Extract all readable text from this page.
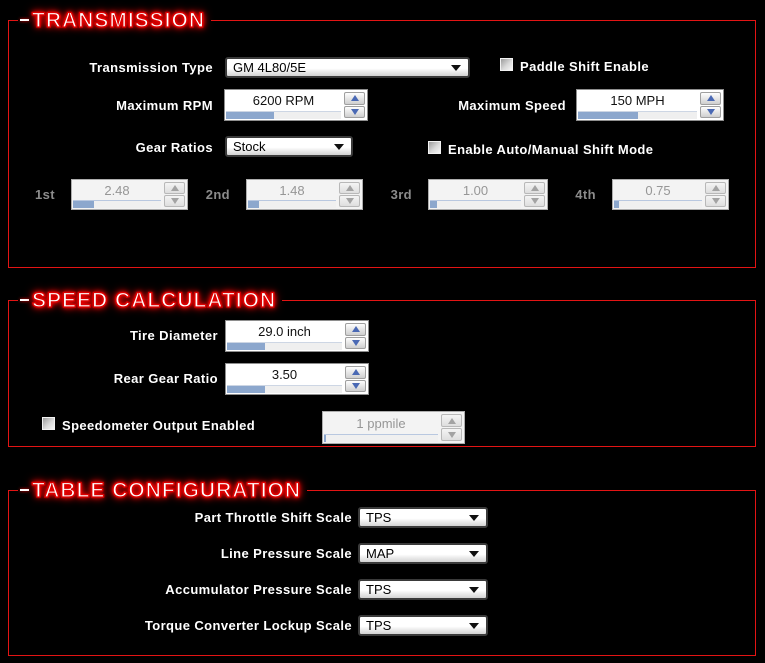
TRANSMISSION
Transmission Type GM 4L80/5E	Paddle Shift Enable
Maximum RPM	6200 RPM	Maximum Speed	150 MPH
Gear Ratios Stock	Enable Auto/Manual Shift Mode
1st	2.48	2nd	1.48	3rd	1.00	4th	0.75
SPEED CALCULATION
Tire Diameter	29.0 inch
Rear Gear Ratio	3.50
Speedometer Output Enabled	1 ppmile
TABLE CONFIGURATION
Part Throttle Shift Scale TPS
Line Pressure Scale MAP
Accumulator Pressure Scale TPS
Torque Converter Lockup Scale TPS
